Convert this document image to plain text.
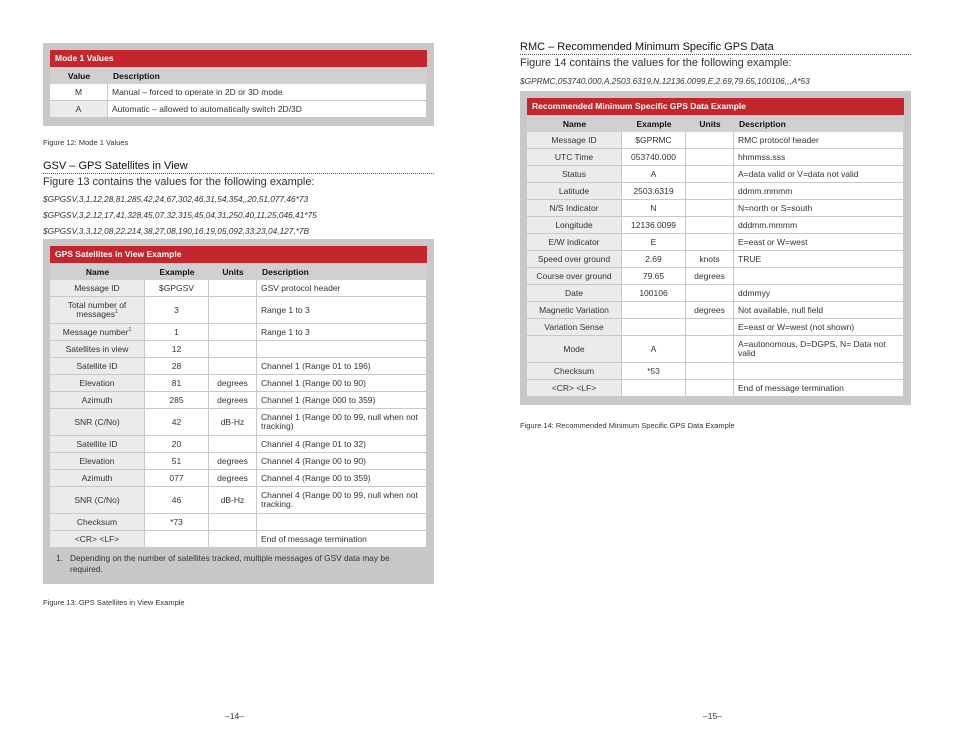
Mode 1 Values
Value	Description
M	Manual – forced to operate in 2D or 3D mode
A	Automatic – allowed to automatically switch 2D/3D
Figure 12: Mode 1 Values
GSV – GPS Satellites in View
Figure 13 contains the values for the following example:
$GPGSV,3,1,12,28,81,285,42,24,67,302,46,31,54,354,,20,51,077,46*73
$GPGSV,3,2,12,17,41,328,45,07,32,315,45,04,31,250,40,11,25,046,41*75
$GPGSV,3,3,12,08,22,214,38,27,08,190,16,19,05,092,33,23,04,127,*7B
GPS Satellites in View Example
Name	Example	Units	Description
Message ID	$GPGSV		GSV protocol header
Total number of messages$^1$	3		Range 1 to 3
Message number$^1$	1		Range 1 to 3
Satellites in view	12		
Satellite ID	28		Channel 1 (Range 01 to 196)
Elevation	81	degrees	Channel 1 (Range 00 to 90)
Azimuth	285	degrees	Channel 1 (Range 000 to 359)
SNR (C/No)	42	dB-Hz	Channel 1 (Range 00 to 99, null when not tracking)
Satellite ID	20		Channel 4 (Range 01 to 32)
Elevation	51	degrees	Channel 4 (Range 00 to 90)
Azimuth	077	degrees	Channel 4 (Range 00 to 359)
SNR (C/No)	46	dB-Hz	Channel 4 (Range 00 to 99, null when not tracking.
Checksum	*73		
<CR> <LF>			End of message termination
1. Depending on the number of satellites tracked, multiple messages of GSV data may be required.
Figure 13: GPS Satellites in View Example
–14–
RMC – Recommended Minimum Specific GPS Data
Figure 14 contains the values for the following example:
$GPRMC,053740.000,A,2503.6319,N,12136.0099,E,2.69,79.65,100106,,,A*53
Recommended Minimum Specific GPS Data Example
Name	Example	Units	Description
Message ID	$GPRMC		RMC protocol header
UTC Time	053740.000		hhmmss.sss
Status	A		A=data valid or V=data not valid
Latitude	2503.6319		ddmm.mmmm
N/S Indicator	N		N=north or S=south
Longitude	12136.0099		dddmm.mmmm
E/W Indicator	E		E=east or W=west
Speed over ground	2.69	knots	TRUE
Course over ground	79.65	degrees	
Date	100106		ddmmyy
Magnetic Variation		degrees	Not available, null field
Variation Sense			E=east or W=west (not shown)
Mode	A		A=autonomous, D=DGPS, N= Data not valid
Checksum	*53		
<CR> <LF>			End of message termination
Figure 14: Recommended Minimum Specific GPS Data Example
–15–
